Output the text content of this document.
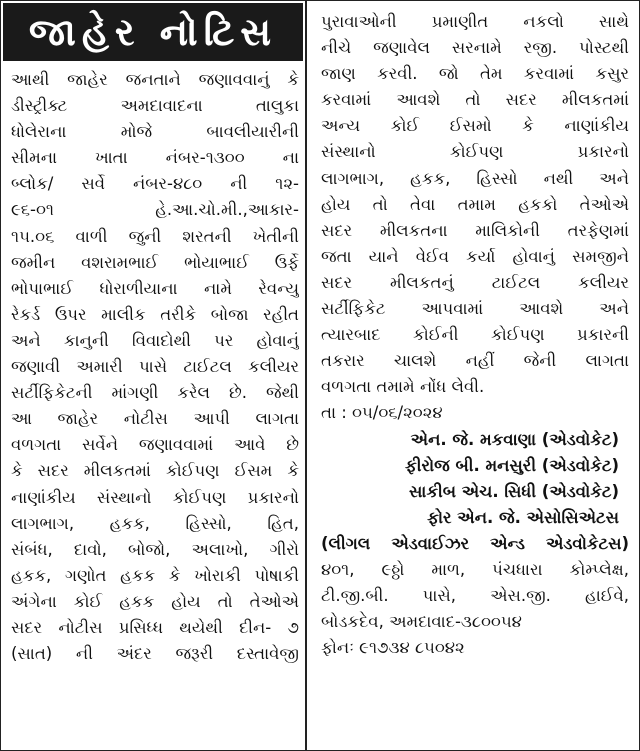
જાહેર નોટિસ
આથી જાહેર જનતાને જણાવવાનું કે
ડીસ્ટ્રીક્ટ અમદાવાદના તાલુકા
ધોલેરાના મોજે બાવલીયારીની
સીમના ખાતા નંબર-૧૩૦૦ ના
બ્લોક/ સર્વે નંબર-૪૮૦ ની ૧૨-
૯૬-૦૧ હે.આ.ચો.મી.,આકાર-
૧૫.૦૬ વાળી જુની શરતની ખેતીની
જમીન વશરામભાઈ ભોયાભાઈ ઉર્ફે
ભોપાભાઈ ધોરાળીયાના નામે રેવન્યુ
રેકર્ડ ઉપર માલીક તરીકે બોજા રહીત
અને કાનુની વિવાદોથી પર હોવાનું
જણાવી અમારી પાસે ટાઈટલ કલીયર
સર્ટીફિકેટની માંગણી કરેલ છે. જેથી
આ જાહેર નોટીસ આપી લાગતા
વળગતા સર્વેને જણાવવામાં આવે છે
કે સદર મીલકતમાં કોઈપણ ઈસમ કે
નાણાંકીય સંસ્થાનો કોઈપણ પ્રકારનો
લાગભાગ, હકક, હિસ્સો, હિત,
સંબંધ, દાવો, બોજો, અલાખો, ગીરો
હકક, ગણોત હકક કે ખોરાકી પોષાકી
અંગેના કોઈ હકક હોય તો તેઓએ
સદર નોટીસ પ્રસિધ્ધ થયેથી દીન- ૭
(સાત) ની અંદર જરૂરી દસ્તાવેજી
પુરાવાઓની પ્રમાણીત નકલો સાથે
નીચે જણાવેલ સરનામે રજી. પોસ્ટથી
જાણ કરવી. જો તેમ કરવામાં કસુર
કરવામાં આવશે તો સદર મીલકતમાં
અન્ય કોઈ ઈસમો કે નાણાંકીય
સંસ્થાનો કોઈપણ પ્રકારનો
લાગભાગ, હકક, હિસ્સો નથી અને
હોય તો તેવા તમામ હકકો તેઓએ
સદર મીલકતના માલિકોની તરફેણમાં
જતા યાને વેઈવ કર્યા હોવાનું સમજીને
સદર મીલકતનું ટાઈટલ કલીયર
સર્ટીફિકેટ આપવામાં આવશે અને
ત્યારબાદ કોઈની કોઈપણ પ્રકારની
તકરાર ચાલશે નહીં જેની લાગતા
વળગતા તમામે નોંધ લેવી.
તા : ૦૫/૦૬/૨૦૨૪
એન. જે. મકવાણા (એડવોકેટ)
ફીરોજ બી. મનસુરી (એડવોકેટ)
સાકીબ એચ. સિધી (એડવોકેટ)
ફોર એન. જે. એસોસિએટસ
(લીગલ એડવાઈઝર એન્ડ એડવોકેટસ)
૪૦૧, ૯ઠ્ઠો માળ, પંચધારા કોમ્પ્લેક્ષ,
ટી.જી.બી. પાસે, એસ.જી. હાઈવે,
બોડકદેવ, અમદાવાદ-૩૮૦૦૫૪
ફોનઃ ૯૧૭૩૪ ૮૫૦૪૨
